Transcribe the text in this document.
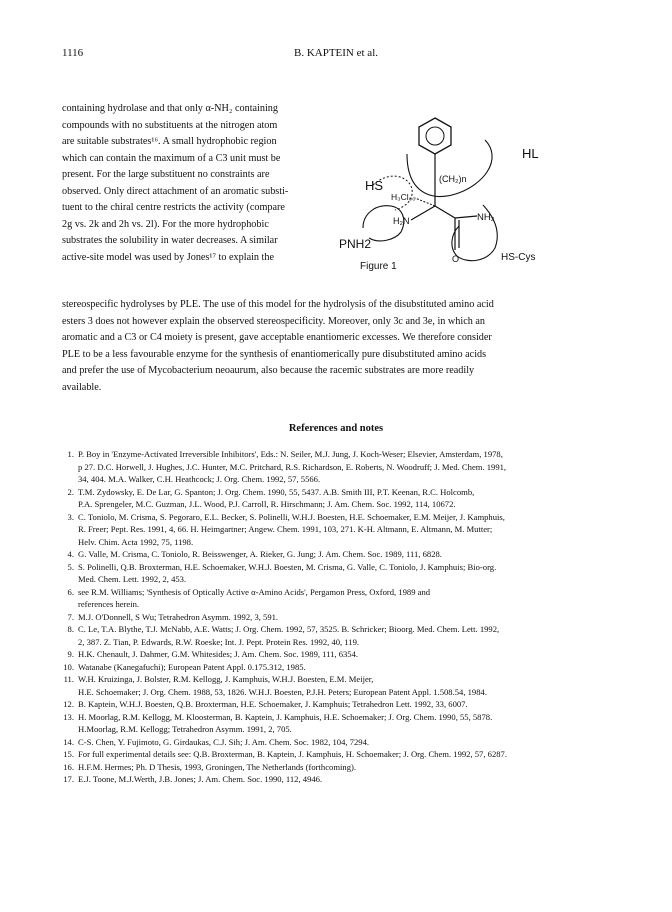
1116	B. KAPTEIN et al.
containing hydrolase and that only α-NH₂ containing
compounds with no substituents at the nitrogen atom
are suitable substrates¹⁶. A small hydrophobic region
which can contain the maximum of a C3 unit must be
present. For the large substituent no constraints are
observed. Only direct attachment of an aromatic substi-
tuent to the chiral centre restricts the activity (compare
2g vs. 2k and 2h vs. 2l). For the more hydrophobic
substrates the solubility in water decreases. A similar
active-site model was used by Jones¹⁷ to explain the
HL
HS	(CH₂)n
H₃Cl₀₀
H₂N	NH₂
PNH2
O	HS-Cys
Figure 1
stereospecific hydrolyses by PLE. The use of this model for the hydrolysis of the disubstituted amino acid
esters 3 does not however explain the observed stereospecificity. Moreover, only 3c and 3e, in which an
aromatic and a C3 or C4 moiety is present, gave acceptable enantiomeric excesses. We therefore consider
PLE to be a less favourable enzyme for the synthesis of enantiomerically pure disubstituted amino acids
and prefer the use of Mycobacterium neoaurum, also because the racemic substrates are more readily
available.
References and notes
1. P. Boy in 'Enzyme-Activated Irreversible Inhibitors', Eds.: N. Seiler, M.J. Jung, J. Koch-Weser; Elsevier, Amsterdam, 1978,
p 27. D.C. Horwell, J. Hughes, J.C. Hunter, M.C. Pritchard, R.S. Richardson, E. Roberts, N. Woodruff; J. Med. Chem. 1991,
34, 404. M.A. Walker, C.H. Heathcock; J. Org. Chem. 1992, 57, 5566.
2. T.M. Zydowsky, E. De Lar, G. Spanton; J. Org. Chem. 1990, 55, 5437. A.B. Smith III, P.T. Keenan, R.C. Holcomb,
P.A. Sprengeler, M.C. Guzman, J.L. Wood, P.J. Carroll, R. Hirschmann; J. Am. Chem. Soc. 1992, 114, 10672.
3. C. Toniolo, M. Crisma, S. Pegoraro, E.L. Becker, S. Polinelli, W.H.J. Boesten, H.E. Schoemaker, E.M. Meijer, J. Kamphuis,
R. Freer; Pept. Res. 1991, 4, 66. H. Heimgartner; Angew. Chem. 1991, 103, 271. K-H. Altmann, E. Altmann, M. Mutter;
Helv. Chim. Acta 1992, 75, 1198.
4. G. Valle, M. Crisma, C. Toniolo, R. Beisswenger, A. Rieker, G. Jung; J. Am. Chem. Soc. 1989, 111, 6828.
5. S. Polinelli, Q.B. Broxterman, H.E. Schoemaker, W.H.J. Boesten, M. Crisma, G. Valle, C. Toniolo, J. Kamphuis; Bio-org.
Med. Chem. Lett. 1992, 2, 453.
6. see R.M. Williams; 'Synthesis of Optically Active α-Amino Acids', Pergamon Press, Oxford, 1989 and
references herein.
7. M.J. O'Donnell, S Wu; Tetrahedron Asymm. 1992, 3, 591.
8. C. Le, T.A. Blythe, T.J. McNabb, A.E. Watts; J. Org. Chem. 1992, 57, 3525. B. Schricker; Bioorg. Med. Chem. Lett. 1992,
2, 387. Z. Tian, P. Edwards, R.W. Roeske; Int. J. Pept. Protein Res. 1992, 40, 119.
9. H.K. Chenault, J. Dahmer, G.M. Whitesides; J. Am. Chem. Soc. 1989, 111, 6354.
10. Watanabe (Kanegafuchi); European Patent Appl. 0.175.312, 1985.
11. W.H. Kruizinga, J. Bolster, R.M. Kellogg, J. Kamphuis, W.H.J. Boesten, E.M. Meijer,
H.E. Schoemaker; J. Org. Chem. 1988, 53, 1826. W.H.J. Boesten, P.J.H. Peters; European Patent Appl. 1.508.54, 1984.
12. B. Kaptein, W.H.J. Boesten, Q.B. Broxterman, H.E. Schoemaker, J. Kamphuis; Tetrahedron Lett. 1992, 33, 6007.
13. H. Moorlag, R.M. Kellogg, M. Kloosterman, B. Kaptein, J. Kamphuis, H.E. Schoemaker; J. Org. Chem. 1990, 55, 5878.
H.Moorlag, R.M. Kellogg; Tetrahedron Asymm. 1991, 2, 705.
14. C-S. Chen, Y. Fujimoto, G. Girdaukas, C.J. Sih; J. Am. Chem. Soc. 1982, 104, 7294.
15. For full experimental details see: Q.B. Broxterman, B. Kaptein, J. Kamphuis, H. Schoemaker; J. Org. Chem. 1992, 57, 6287.
16. H.F.M. Hermes; Ph. D Thesis, 1993, Groningen, The Netherlands (forthcoming).
17. E.J. Toone, M.J.Werth, J.B. Jones; J. Am. Chem. Soc. 1990, 112, 4946.
